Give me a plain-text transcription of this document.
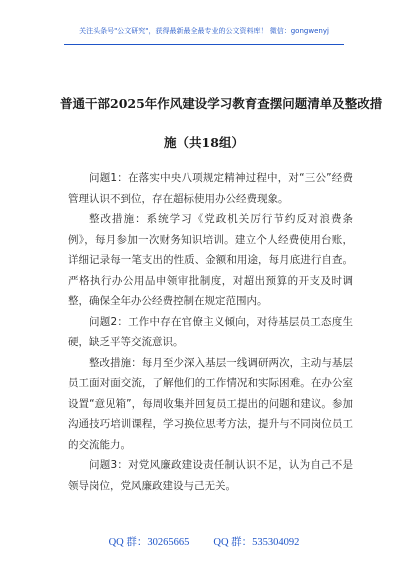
关注头条号"公文研究"，获得最新最全最专业的公文资料库！ 微信：gongwenyj
普通干部2025年作风建设学习教育查摆问题清单及整改措
施（共18组）

问题1：在落实中央八项规定精神过程中，对“三公”经费管理认识不到位，存在超标使用办公经费现象。

整改措施：系统学习《党政机关厉行节约反对浪费条例》，每月参加一次财务知识培训。建立个人经费使用台账，详细记录每一笔支出的性质、金额和用途，每月底进行自查。严格执行办公用品申领审批制度，对超出预算的开支及时调整，确保全年办公经费控制在规定范围内。

问题2：工作中存在官僚主义倾向，对待基层员工态度生硬，缺乏平等交流意识。

整改措施：每月至少深入基层一线调研两次，主动与基层员工面对面交流，了解他们的工作情况和实际困难。在办公室设置“意见箱”，每周收集并回复员工提出的问题和建议。参加沟通技巧培训课程，学习换位思考方法，提升与不同岗位员工的交流能力。

问题3：对党风廉政建设责任制认识不足，认为自己不是领导岗位，党风廉政建设与己无关。

QQ 群：30265665 QQ 群：535304092
